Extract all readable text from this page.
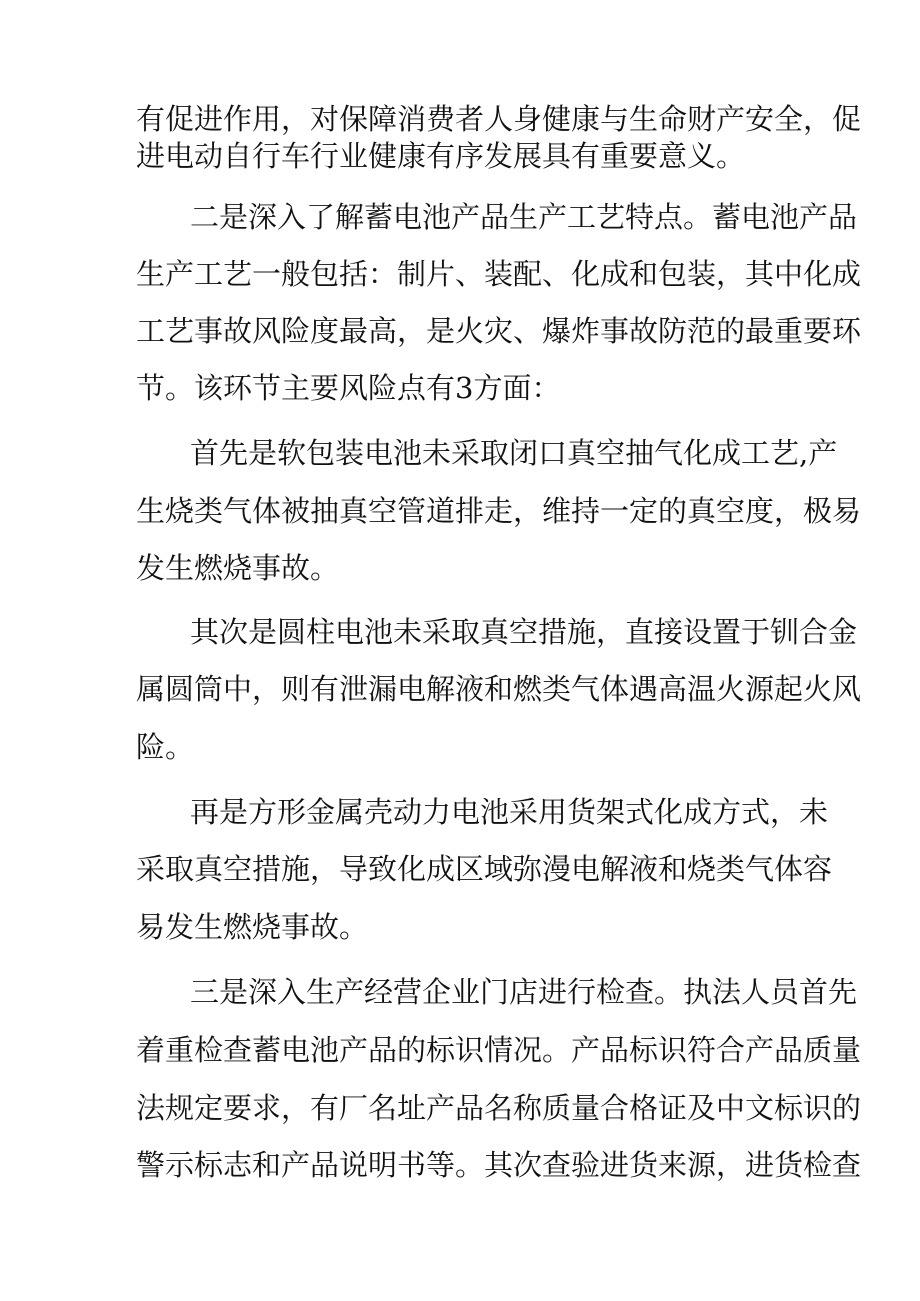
有促进作用，对保障消费者人身健康与生命财产安全，促
进电动自行车行业健康有序发展具有重要意义。
二是深入了解蓄电池产品生产工艺特点。蓄电池产品
生产工艺一般包括：制片、装配、化成和包装，其中化成
工艺事故风险度最高，是火灾、爆炸事故防范的最重要环
节。该环节主要风险点有3方面：
首先是软包装电池未采取闭口真空抽气化成工艺,产
生烧类气体被抽真空管道排走，维持一定的真空度，极易
发生燃烧事故。
其次是圆柱电池未采取真空措施，直接设置于钏合金
属圆筒中，则有泄漏电解液和燃类气体遇高温火源起火风
险。
再是方形金属壳动力电池采用货架式化成方式，未
采取真空措施，导致化成区域弥漫电解液和烧类气体容
易发生燃烧事故。
三是深入生产经营企业门店进行检查。执法人员首先
着重检查蓄电池产品的标识情况。产品标识符合产品质量
法规定要求，有厂名址产品名称质量合格证及中文标识的
警示标志和产品说明书等。其次查验进货来源，进货检查
